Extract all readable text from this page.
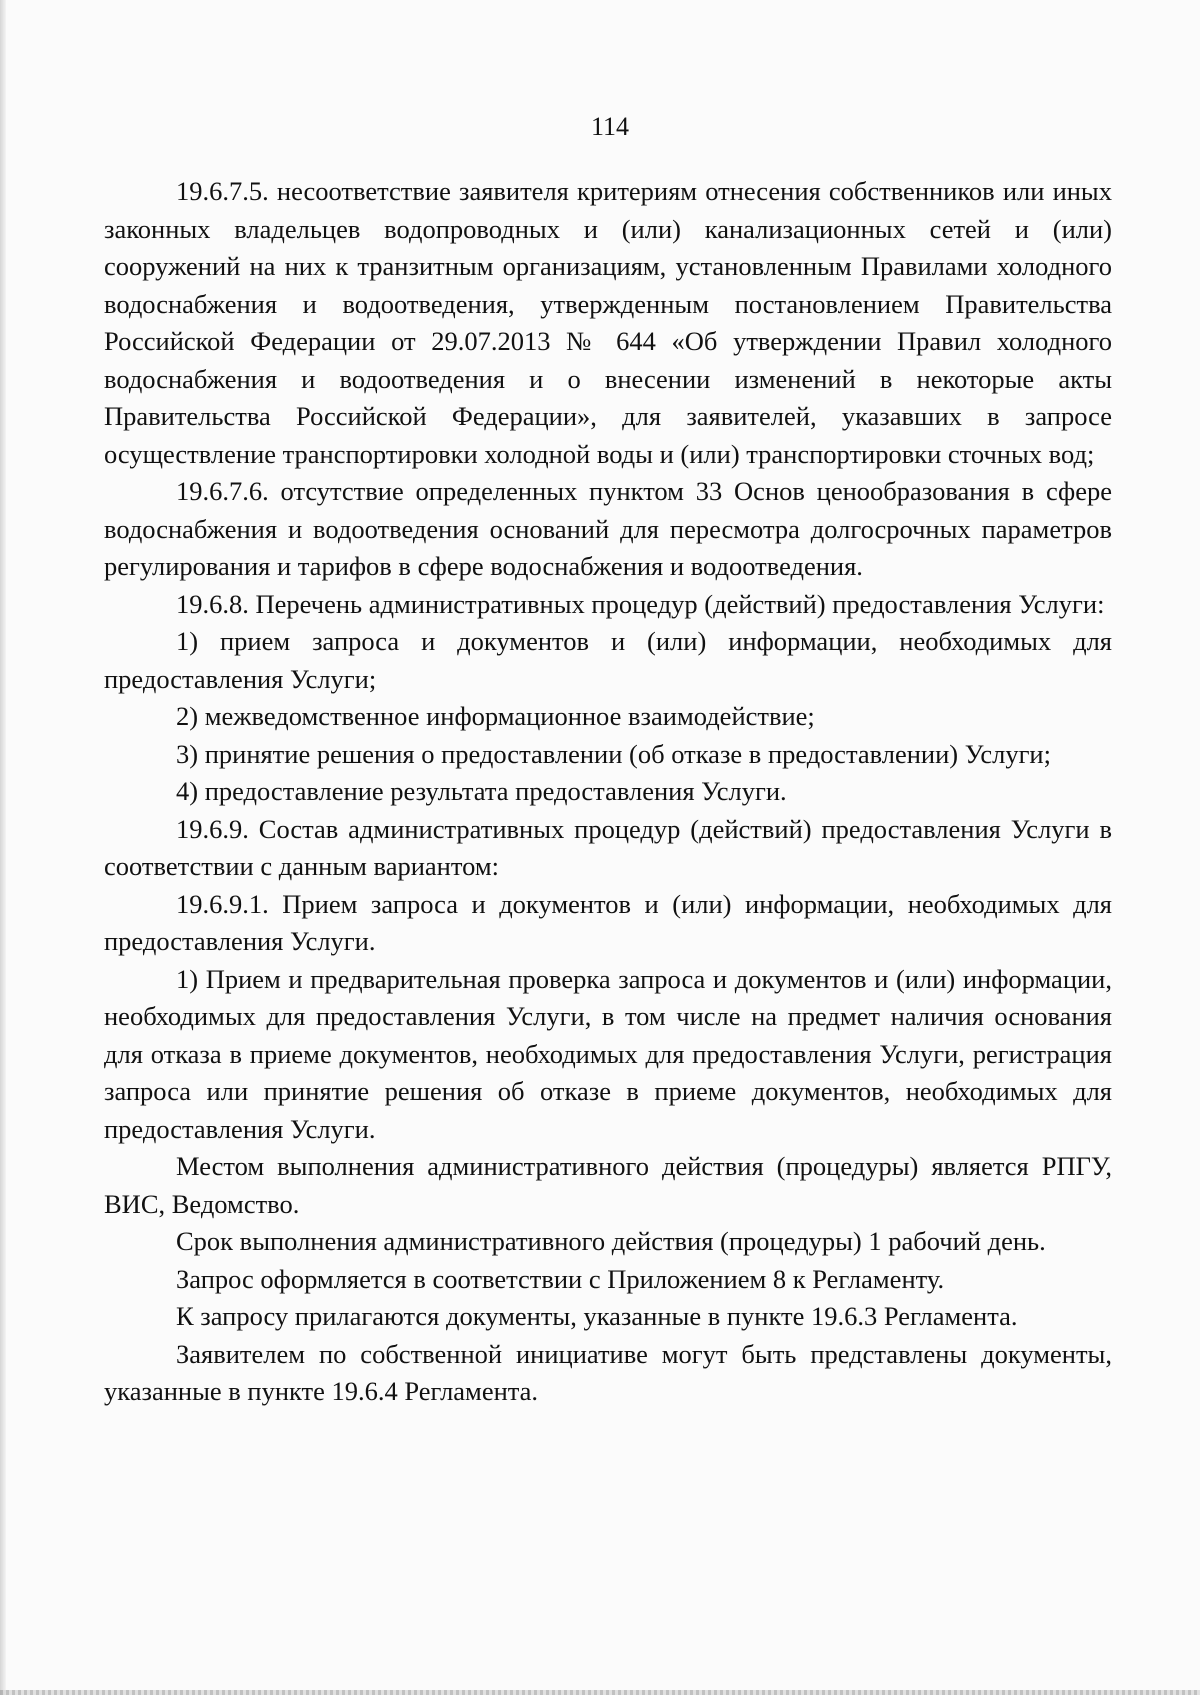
114

19.6.7.5. несоответствие заявителя критериям отнесения собственников или иных законных владельцев водопроводных и (или) канализационных сетей и (или) сооружений на них к транзитным организациям, установленным Правилами холодного водоснабжения и водоотведения, утвержденным постановлением Правительства Российской Федерации от 29.07.2013 № 644 «Об утверждении Правил холодного водоснабжения и водоотведения и о внесении изменений в некоторые акты Правительства Российской Федерации», для заявителей, указавших в запросе осуществление транспортировки холодной воды и (или) транспортировки сточных вод;

19.6.7.6. отсутствие определенных пунктом 33 Основ ценообразования в сфере водоснабжения и водоотведения оснований для пересмотра долгосрочных параметров регулирования и тарифов в сфере водоснабжения и водоотведения.

19.6.8. Перечень административных процедур (действий) предоставления Услуги:

1) прием запроса и документов и (или) информации, необходимых для предоставления Услуги;

2) межведомственное информационное взаимодействие;

3) принятие решения о предоставлении (об отказе в предоставлении) Услуги;

4) предоставление результата предоставления Услуги.

19.6.9. Состав административных процедур (действий) предоставления Услуги в соответствии с данным вариантом:

19.6.9.1. Прием запроса и документов и (или) информации, необходимых для предоставления Услуги.

1) Прием и предварительная проверка запроса и документов и (или) информации, необходимых для предоставления Услуги, в том числе на предмет наличия основания для отказа в приеме документов, необходимых для предоставления Услуги, регистрация запроса или принятие решения об отказе в приеме документов, необходимых для предоставления Услуги.

Местом выполнения административного действия (процедуры) является РПГУ, ВИС, Ведомство.

Срок выполнения административного действия (процедуры) 1 рабочий день.

Запрос оформляется в соответствии с Приложением 8 к Регламенту.

К запросу прилагаются документы, указанные в пункте 19.6.3 Регламента.

Заявителем по собственной инициативе могут быть представлены документы, указанные в пункте 19.6.4 Регламента.
